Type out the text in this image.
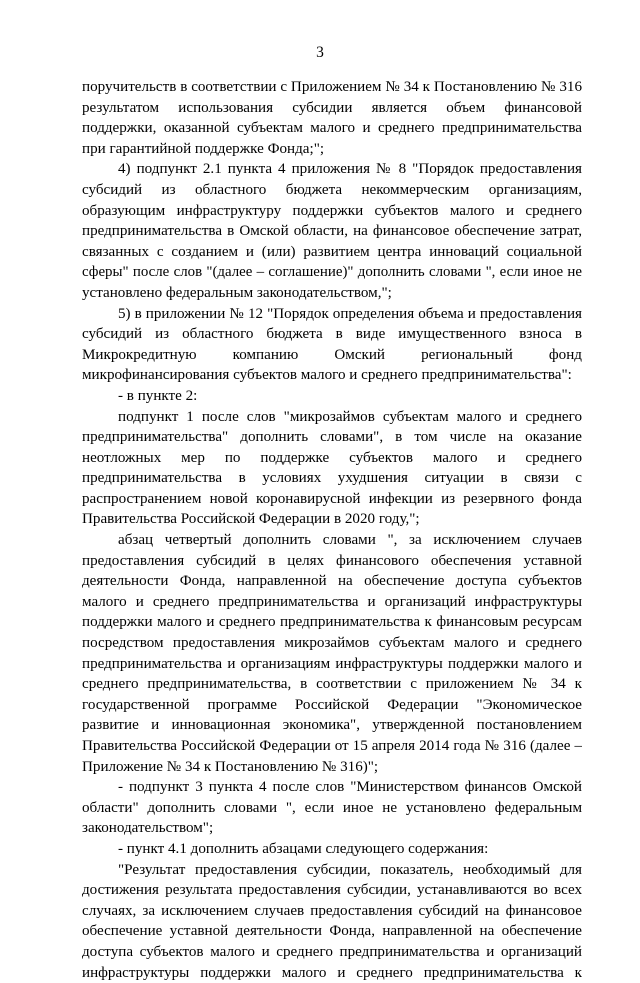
3
поручительств в соответствии с Приложением № 34 к Постановлению № 316
результатом использования субсидии является объем финансовой
поддержки, оказанной субъектам малого и среднего предпринимательства
при гарантийной поддержке Фонда;";
4) подпункт 2.1 пункта 4 приложения № 8 "Порядок предоставления
субсидий из областного бюджета некоммерческим организациям,
образующим инфраструктуру поддержки субъектов малого и среднего
предпринимательства в Омской области, на финансовое обеспечение затрат,
связанных с созданием и (или) развитием центра инноваций социальной
сферы" после слов "(далее – соглашение)" дополнить словами ", если иное не
установлено федеральным законодательством,";
5) в приложении № 12 "Порядок определения объема и предоставления
субсидий из областного бюджета в виде имущественного взноса в
Микрокредитную компанию Омский региональный фонд
микрофинансирования субъектов малого и среднего предпринимательства":
- в пункте 2:
подпункт 1 после слов "микрозаймов субъектам малого и среднего
предпринимательства" дополнить словами", в том числе на оказание
неотложных мер по поддержке субъектов малого и среднего
предпринимательства в условиях ухудшения ситуации в связи с
распространением новой коронавирусной инфекции из резервного фонда
Правительства Российской Федерации в 2020 году,";
абзац четвертый дополнить словами ", за исключением случаев
предоставления субсидий в целях финансового обеспечения уставной
деятельности Фонда, направленной на обеспечение доступа субъектов
малого и среднего предпринимательства и организаций инфраструктуры
поддержки малого и среднего предпринимательства к финансовым ресурсам
посредством предоставления микрозаймов субъектам малого и среднего
предпринимательства и организациям инфраструктуры поддержки малого и
среднего предпринимательства, в соответствии с приложением № 34 к
государственной программе Российской Федерации "Экономическое
развитие и инновационная экономика", утвержденной постановлением
Правительства Российской Федерации от 15 апреля 2014 года № 316 (далее –
Приложение № 34 к Постановлению № 316)";
- подпункт 3 пункта 4 после слов "Министерством финансов Омской
области" дополнить словами ", если иное не установлено федеральным
законодательством";
- пункт 4.1 дополнить абзацами следующего содержания:
"Результат предоставления субсидии, показатель, необходимый для
достижения результата предоставления субсидии, устанавливаются во всех
случаях, за исключением случаев предоставления субсидий на финансовое
обеспечение уставной деятельности Фонда, направленной на обеспечение
доступа субъектов малого и среднего предпринимательства и организаций
инфраструктуры поддержки малого и среднего предпринимательства к
